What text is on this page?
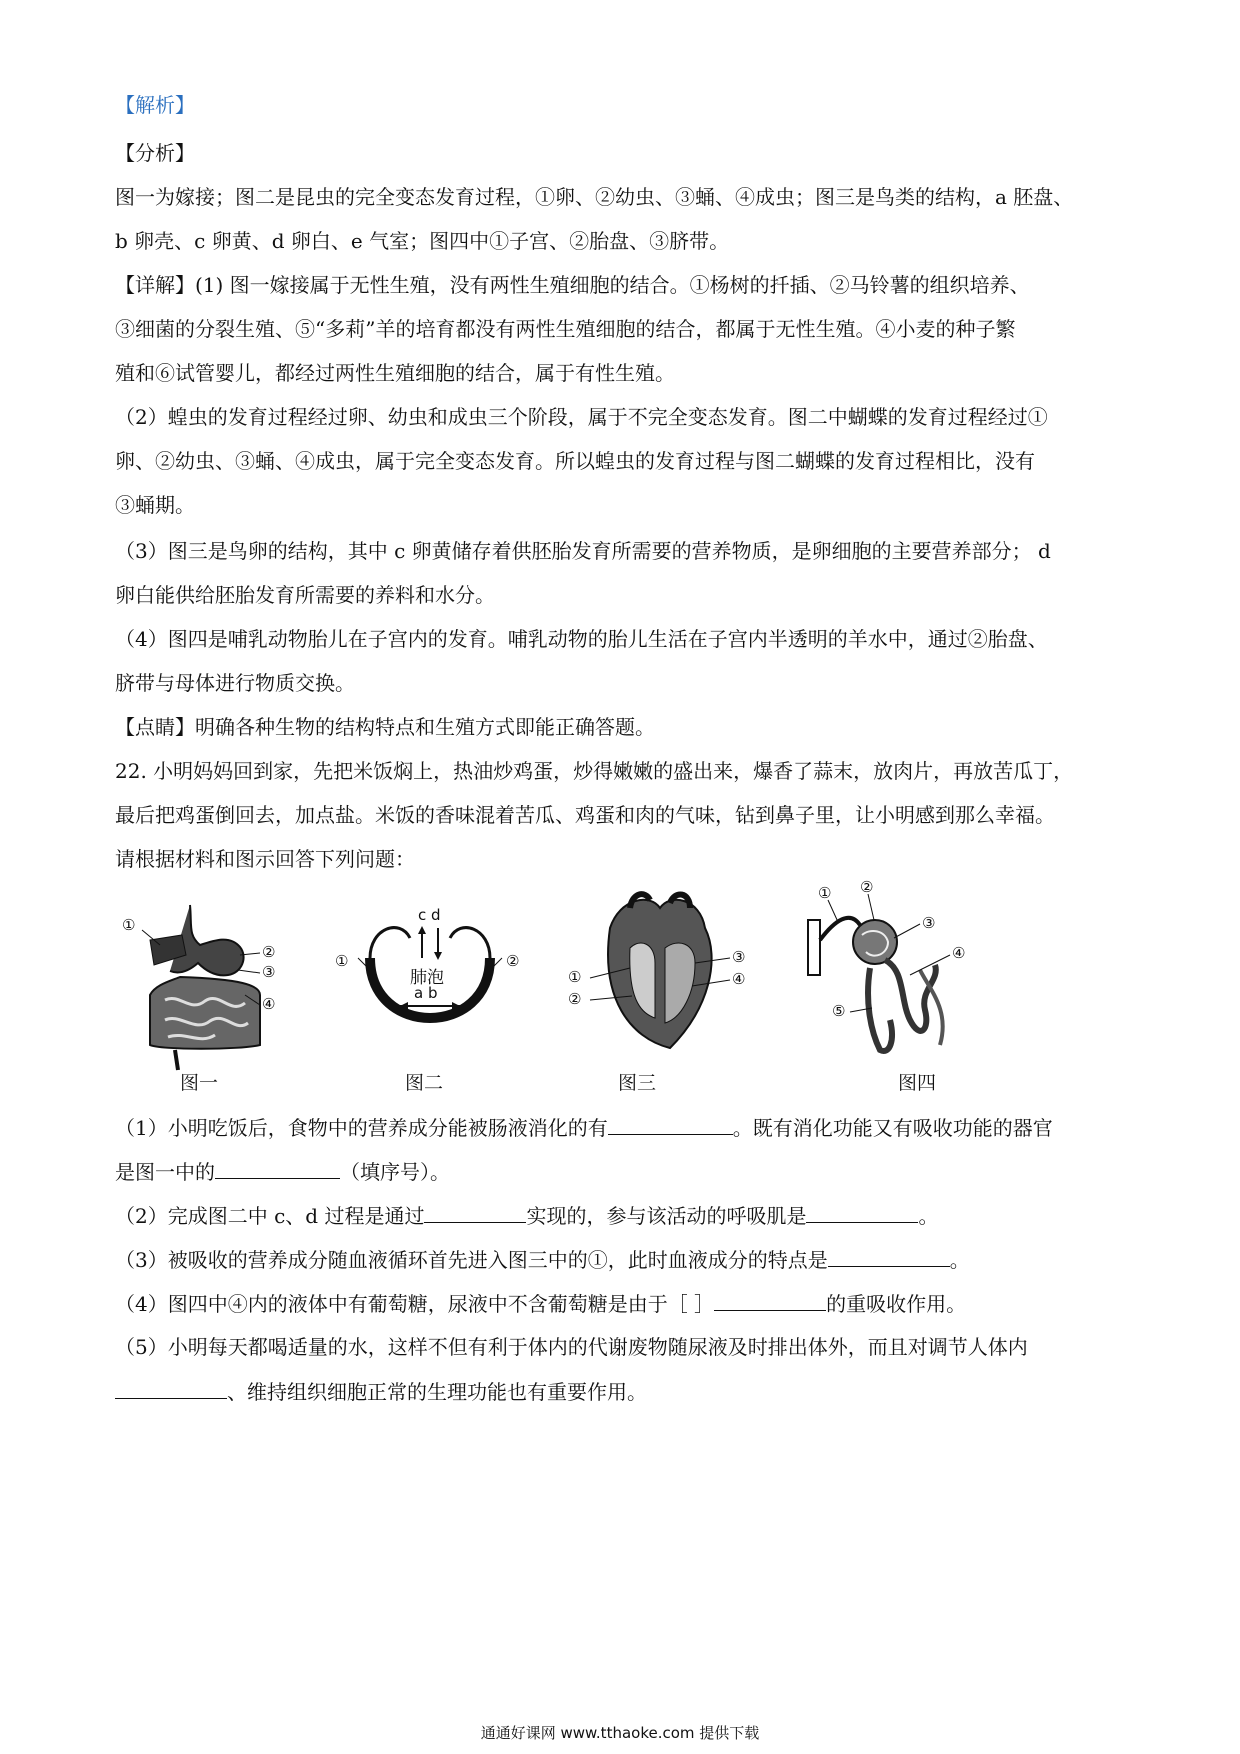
【解析】
【分析】
图一为嫁接；图二是昆虫的完全变态发育过程，①卵、②幼虫、③蛹、④成虫；图三是鸟类的结构，a 胚盘、
b 卵壳、c 卵黄、d 卵白、e 气室；图四中①子宫、②胎盘、③脐带。
【详解】(1) 图一嫁接属于无性生殖，没有两性生殖细胞的结合。①杨树的扦插、②马铃薯的组织培养、
③细菌的分裂生殖、⑤“多莉”羊的培育都没有两性生殖细胞的结合，都属于无性生殖。④小麦的种子繁
殖和⑥试管婴儿，都经过两性生殖细胞的结合，属于有性生殖。
（2）蝗虫的发育过程经过卵、幼虫和成虫三个阶段，属于不完全变态发育。图二中蝴蝶的发育过程经过①
卵、②幼虫、③蛹、④成虫，属于完全变态发育。所以蝗虫的发育过程与图二蝴蝶的发育过程相比，没有
③蛹期。
（3）图三是鸟卵的结构，其中 c 卵黄储存着供胚胎发育所需要的营养物质，是卵细胞的主要营养部分； d
卵白能供给胚胎发育所需要的养料和水分。
（4）图四是哺乳动物胎儿在子宫内的发育。哺乳动物的胎儿生活在子宫内半透明的羊水中，通过②胎盘、
脐带与母体进行物质交换。
【点睛】明确各种生物的结构特点和生殖方式即能正确答题。
22. 小明妈妈回到家，先把米饭焖上，热油炒鸡蛋，炒得嫩嫩的盛出来，爆香了蒜末，放肉片，再放苦瓜丁，
最后把鸡蛋倒回去，加点盐。米饭的香味混着苦瓜、鸡蛋和肉的气味，钻到鼻子里，让小明感到那么幸福。
请根据材料和图示回答下列问题：
①
②
③
④
图一
c d
肺泡
a b
①	②
图二
①
②
③
④
图三
① ②
③
④
⑤
图四
（1）小明吃饭后，食物中的营养成分能被肠液消化的有	。既有消化功能又有吸收功能的器官
是图一中的	（填序号）。
（2）完成图二中 c、d 过程是通过	实现的，参与该活动的呼吸肌是	。
（3）被吸收的营养成分随血液循环首先进入图三中的①，此时血液成分的特点是	。
（4）图四中④内的液体中有葡萄糖，尿液中不含葡萄糖是由于［ ］	的重吸收作用。
（5）小明每天都喝适量的水，这样不但有利于体内的代谢废物随尿液及时排出体外，而且对调节人体内
、维持组织细胞正常的生理功能也有重要作用。
通通好课网 www.tthaoke.com 提供下载
